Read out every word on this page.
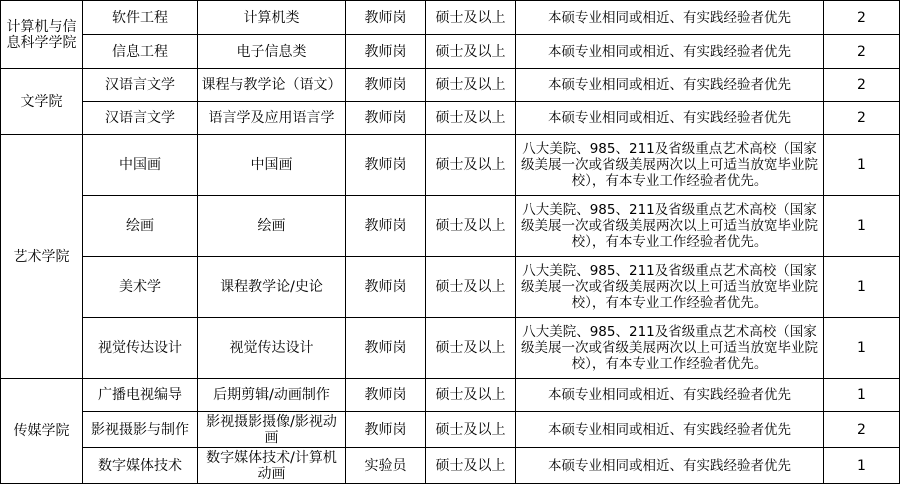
计算机与信息科学学院	软件工程	计算机类	教师岗	硕士及以上	本硕专业相同或相近、有实践经验者优先	2
	信息工程	电子信息类	教师岗	硕士及以上	本硕专业相同或相近、有实践经验者优先	2
文学院	汉语言文学	课程与教学论（语文）	教师岗	硕士及以上	本硕专业相同或相近、有实践经验者优先	2
	汉语言文学	语言学及应用语言学	教师岗	硕士及以上	本硕专业相同或相近、有实践经验者优先	2
艺术学院	中国画	中国画	教师岗	硕士及以上	八大美院、985、211及省级重点艺术高校（国家级美展一次或省级美展两次以上可适当放宽毕业院校），有本专业工作经验者优先。	1
	绘画	绘画	教师岗	硕士及以上	八大美院、985、211及省级重点艺术高校（国家级美展一次或省级美展两次以上可适当放宽毕业院校），有本专业工作经验者优先。	1
	美术学	课程教学论/史论	教师岗	硕士及以上	八大美院、985、211及省级重点艺术高校（国家级美展一次或省级美展两次以上可适当放宽毕业院校），有本专业工作经验者优先。	1
	视觉传达设计	视觉传达设计	教师岗	硕士及以上	八大美院、985、211及省级重点艺术高校（国家级美展一次或省级美展两次以上可适当放宽毕业院校），有本专业工作经验者优先。	1
传媒学院	广播电视编导	后期剪辑/动画制作	教师岗	硕士及以上	本硕专业相同或相近、有实践经验者优先	1
	影视摄影与制作	影视摄影摄像/影视动画	教师岗	硕士及以上	本硕专业相同或相近、有实践经验者优先	2
	数字媒体技术	数字媒体技术/计算机动画	实验员	硕士及以上	本硕专业相同或相近、有实践经验者优先	1
